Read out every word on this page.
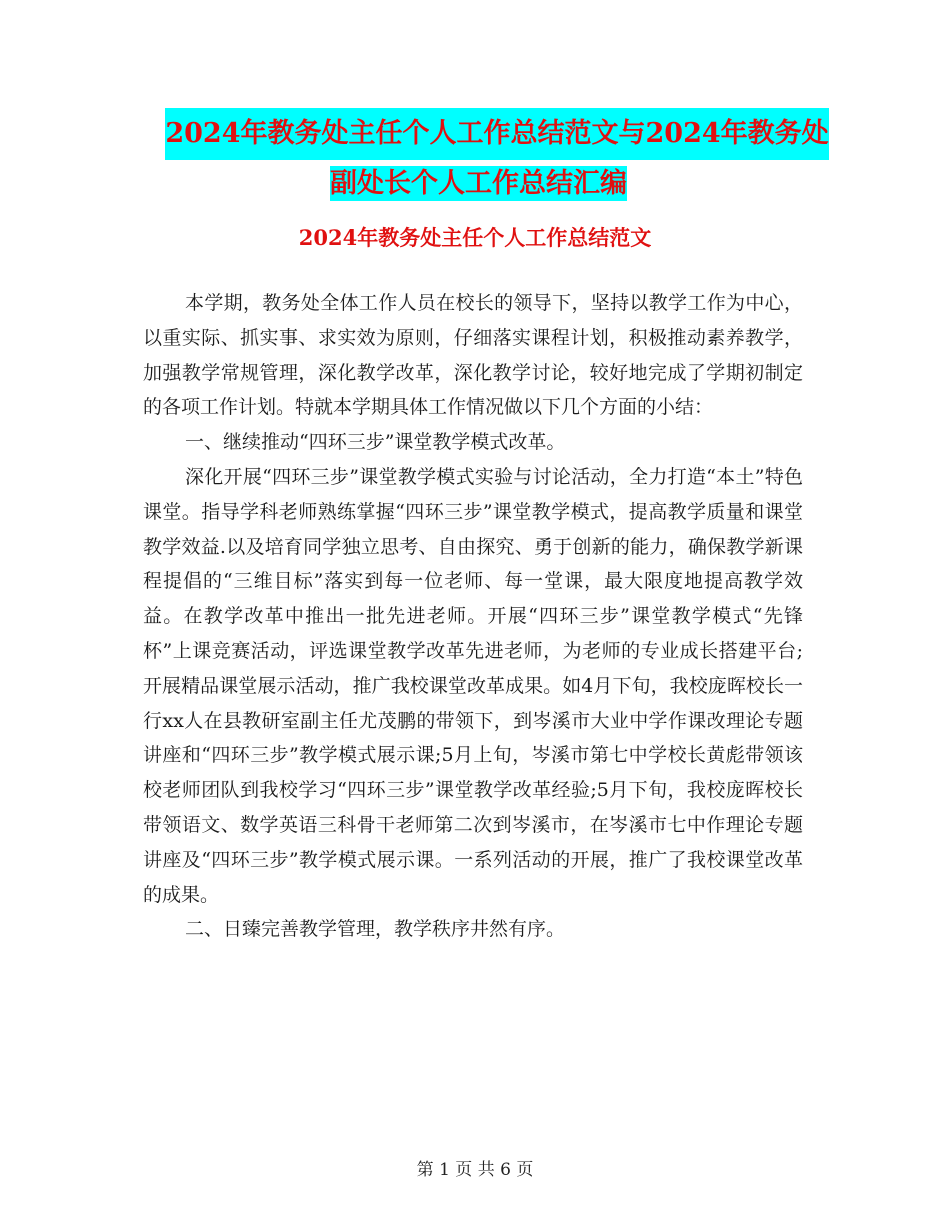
2024年教务处主任个人工作总结范文与2024年教务处
副处长个人工作总结汇编
2024年教务处主任个人工作总结范文

本学期，教务处全体工作人员在校长的领导下，坚持以教学工作为中心，以重实际、抓实事、求实效为原则，仔细落实课程计划，积极推动素养教学，加强教学常规管理，深化教学改革，深化教学讨论，较好地完成了学期初制定的各项工作计划。特就本学期具体工作情况做以下几个方面的小结：

一、继续推动“四环三步”课堂教学模式改革。

深化开展“四环三步”课堂教学模式实验与讨论活动，全力打造“本土”特色课堂。指导学科老师熟练掌握“四环三步”课堂教学模式，提高教学质量和课堂教学效益.以及培育同学独立思考、自由探究、勇于创新的能力，确保教学新课程提倡的“三维目标”落实到每一位老师、每一堂课，最大限度地提高教学效益。在教学改革中推出一批先进老师。开展“四环三步”课堂教学模式“先锋杯”上课竞赛活动，评选课堂教学改革先进老师，为老师的专业成长搭建平台;开展精品课堂展示活动，推广我校课堂改革成果。如4月下旬，我校庞晖校长一行xx人在县教研室副主任尤茂鹏的带领下，到岑溪市大业中学作课改理论专题讲座和“四环三步”教学模式展示课;5月上旬，岑溪市第七中学校长黄彪带领该校老师团队到我校学习“四环三步”课堂教学改革经验;5月下旬，我校庞晖校长带领语文、数学英语三科骨干老师第二次到岑溪市，在岑溪市七中作理论专题讲座及“四环三步”教学模式展示课。一系列活动的开展，推广了我校课堂改革的成果。

二、日臻完善教学管理，教学秩序井然有序。

第 1 页 共 6 页
